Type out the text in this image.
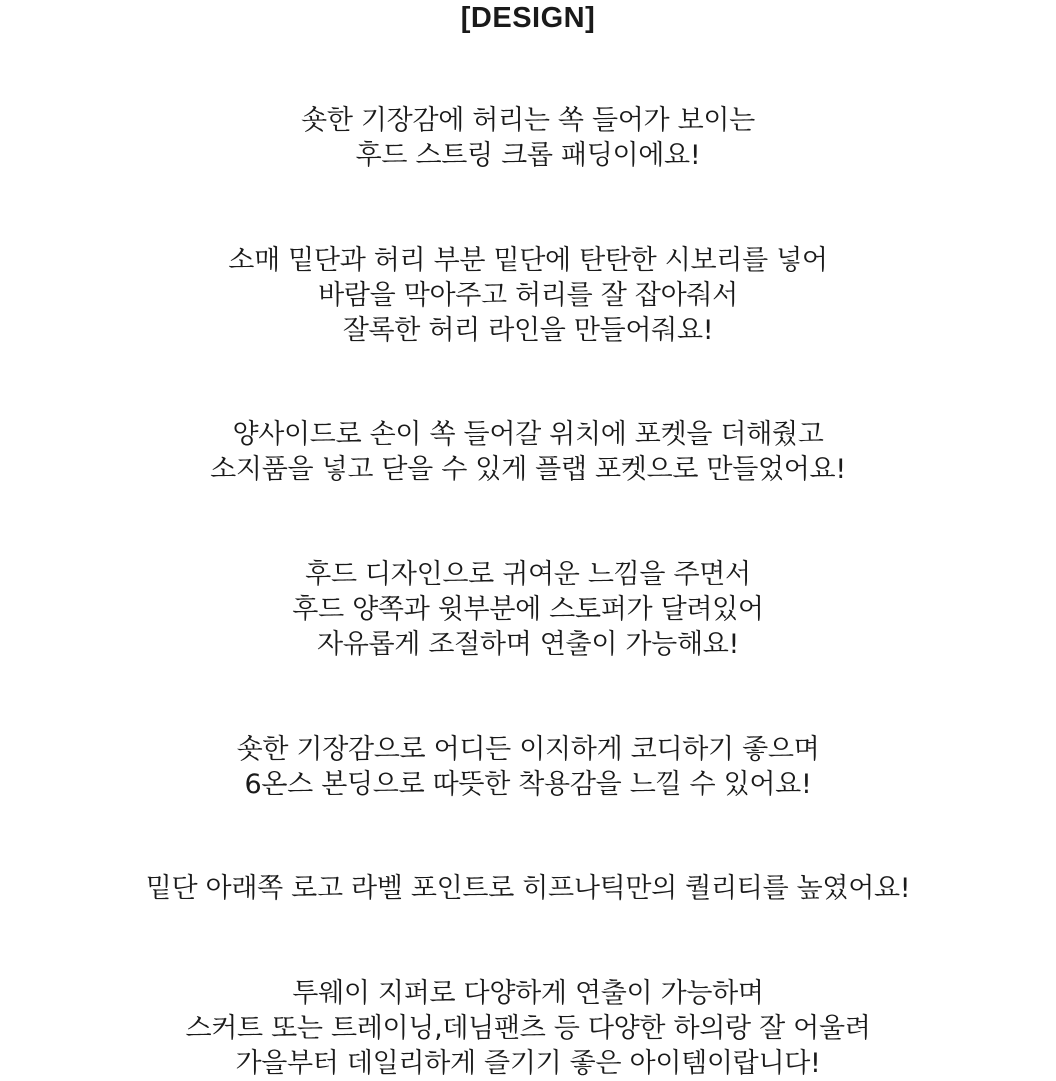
[DESIGN]
숏한 기장감에 허리는 쏙 들어가 보이는
후드 스트링 크롭 패딩이에요!
소매 밑단과 허리 부분 밑단에 탄탄한 시보리를 넣어
바람을 막아주고 허리를 잘 잡아줘서
잘록한 허리 라인을 만들어줘요!
양사이드로 손이 쏙 들어갈 위치에 포켓을 더해줬고
소지품을 넣고 닫을 수 있게 플랩 포켓으로 만들었어요!
후드 디자인으로 귀여운 느낌을 주면서
후드 양쪽과 윗부분에 스토퍼가 달려있어
자유롭게 조절하며 연출이 가능해요!
숏한 기장감으로 어디든 이지하게 코디하기 좋으며
6온스 본딩으로 따뜻한 착용감을 느낄 수 있어요!
밑단 아래쪽 로고 라벨 포인트로 히프나틱만의 퀄리티를 높였어요!
투웨이 지퍼로 다양하게 연출이 가능하며
스커트 또는 트레이닝,데님팬츠 등 다양한 하의랑 잘 어울려
가을부터 데일리하게 즐기기 좋은 아이템이랍니다!
